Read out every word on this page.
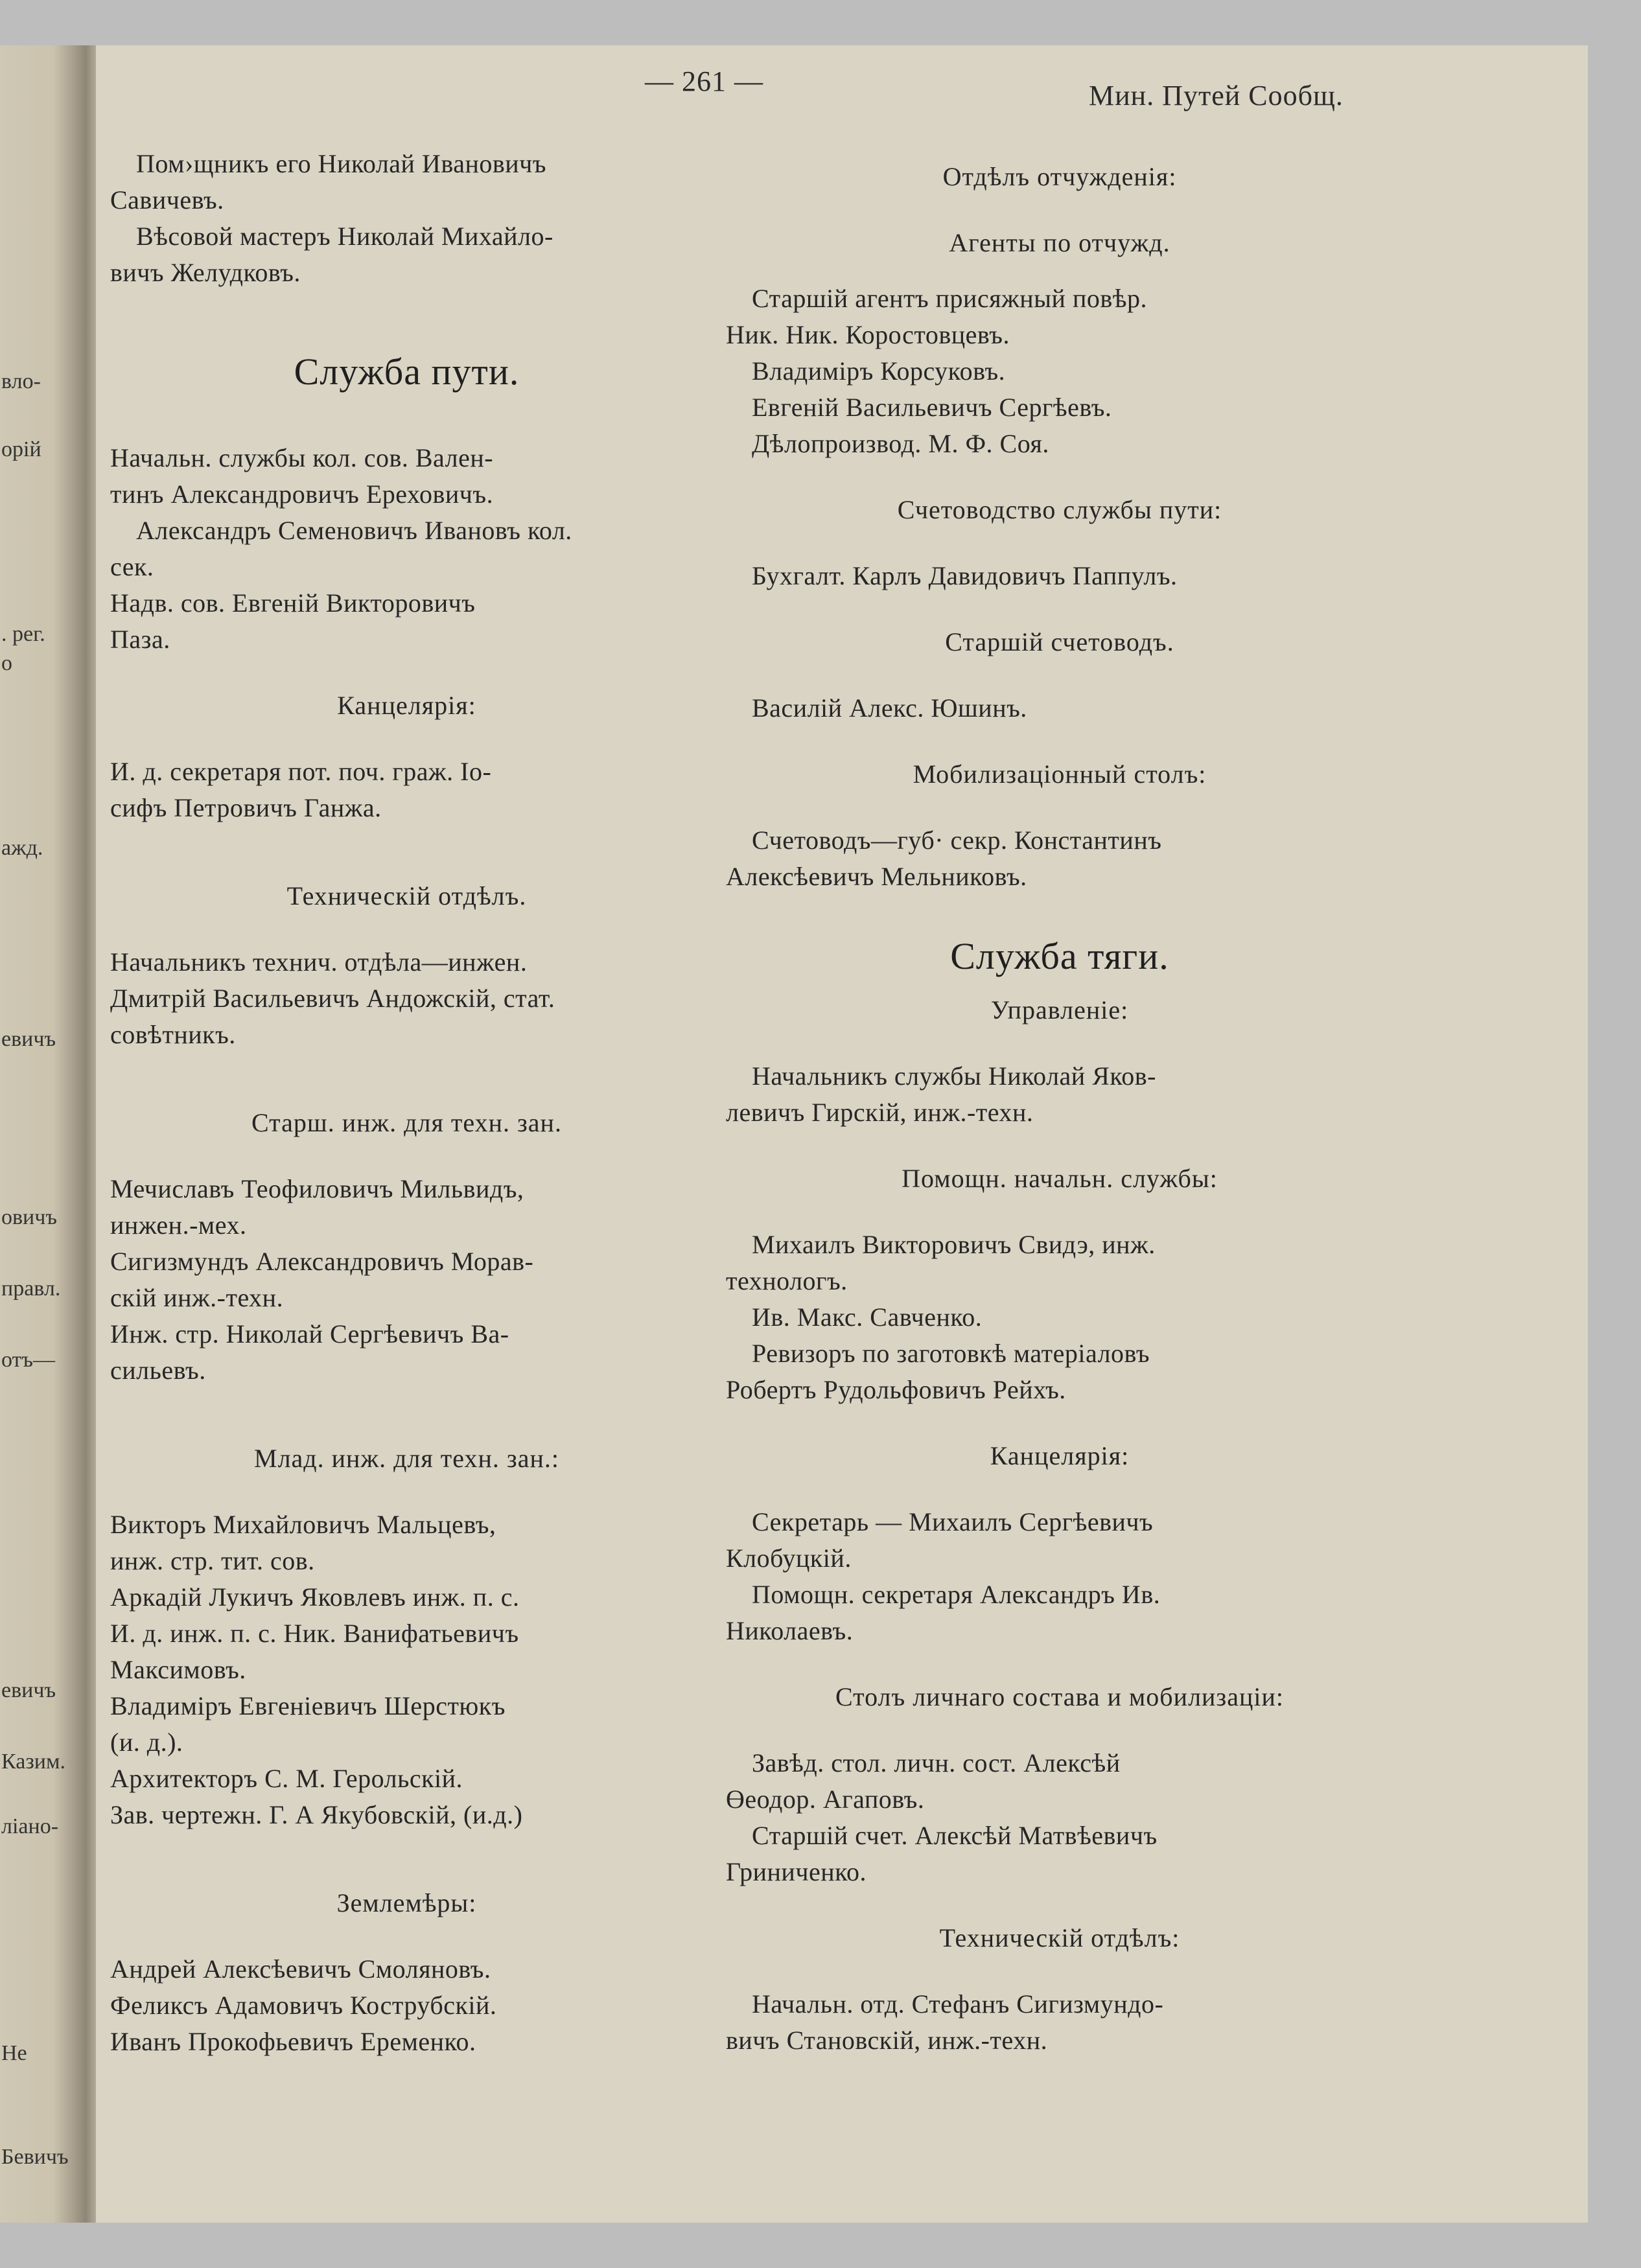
вло-
орій
. рег.
о
ажд.
евичъ
овичъ
правл.
отъ—
евичъ
Казим.
ліано-
Не
Бевичъ
— 261 —	Мин. Путей Сообщ.

Пом›щникъ его Николай Ивановичъ

Савичевъ.

Вѣсовой мастеръ Николай Михайло-

вичъ Желудковъ.

Служба пути.

Начальн. службы кол. сов. Вален-

тинъ Александровичъ Ереховичъ.

Александръ Семеновичъ Ивановъ кол.

сек.

Надв. сов. Евгеній Викторовичъ

Паза.

Канцелярія:

И. д. секретаря пот. поч. граж. Іо-

сифъ Петровичъ Ганжа.

Техническій отдѣлъ.

Начальникъ технич. отдѣла—инжен.

Дмитрій Васильевичъ Андожскій, стат.

совѣтникъ.

Старш. инж. для техн. зан.

Мечиславъ Теофиловичъ Мильвидъ,

инжен.-мех.

Сигизмундъ Александровичъ Морав-

скій инж.-техн.

Инж. стр. Николай Сергѣевичъ Ва-

сильевъ.

Млад. инж. для техн. зан.:

Викторъ Михайловичъ Мальцевъ,

инж. стр. тит. сов.

Аркадій Лукичъ Яковлевъ инж. п. с.

И. д. инж. п. с. Ник. Ванифатьевичъ

Максимовъ.

Владиміръ Евгеніевичъ Шерстюкъ

(и. д.).

Архитекторъ С. М. Герольскій.

Зав. чертежн. Г. А Якубовскій, (и.д.)

Землемѣры:

Андрей Алексѣевичъ Смоляновъ.

Феликсъ Адамовичъ Кострубскій.

Иванъ Прокофьевичъ Еременко.

Отдѣлъ отчужденія:
Агенты по отчужд.

Старшій агентъ присяжный повѣр.

Ник. Ник. Коростовцевъ.

Владиміръ Корсуковъ.

Евгеній Васильевичъ Сергѣевъ.

Дѣлопроизвод. М. Ф. Соя.

Счетоводство службы пути:

Бухгалт. Карлъ Давидовичъ Паппулъ.

Старшій счетоводъ.

Василій Алекс. Юшинъ.

Мобилизаціонный столъ:

Счетоводъ—губ· секр. Константинъ

Алексѣевичъ Мельниковъ.

Служба тяги.
Управленіе:

Начальникъ службы Николай Яков-

левичъ Гирскій, инж.-техн.

Помощн. начальн. службы:

Михаилъ Викторовичъ Свидэ, инж.

технологъ.

Ив. Макс. Савченко.

Ревизоръ по заготовкѣ матеріаловъ

Робертъ Рудольфовичъ Рейхъ.

Канцелярія:

Секретарь — Михаилъ Сергѣевичъ

Клобуцкій.

Помощн. секретаря Александръ Ив.

Николаевъ.

Столъ личнаго состава и мобилизаціи:

Завѣд. стол. личн. сост. Алексѣй

Өеодор. Агаповъ.

Старшій счет. Алексѣй Матвѣевичъ

Гриниченко.

Техническій отдѣлъ:

Начальн. отд. Стефанъ Сигизмундо-

вичъ Становскій, инж.-техн.
